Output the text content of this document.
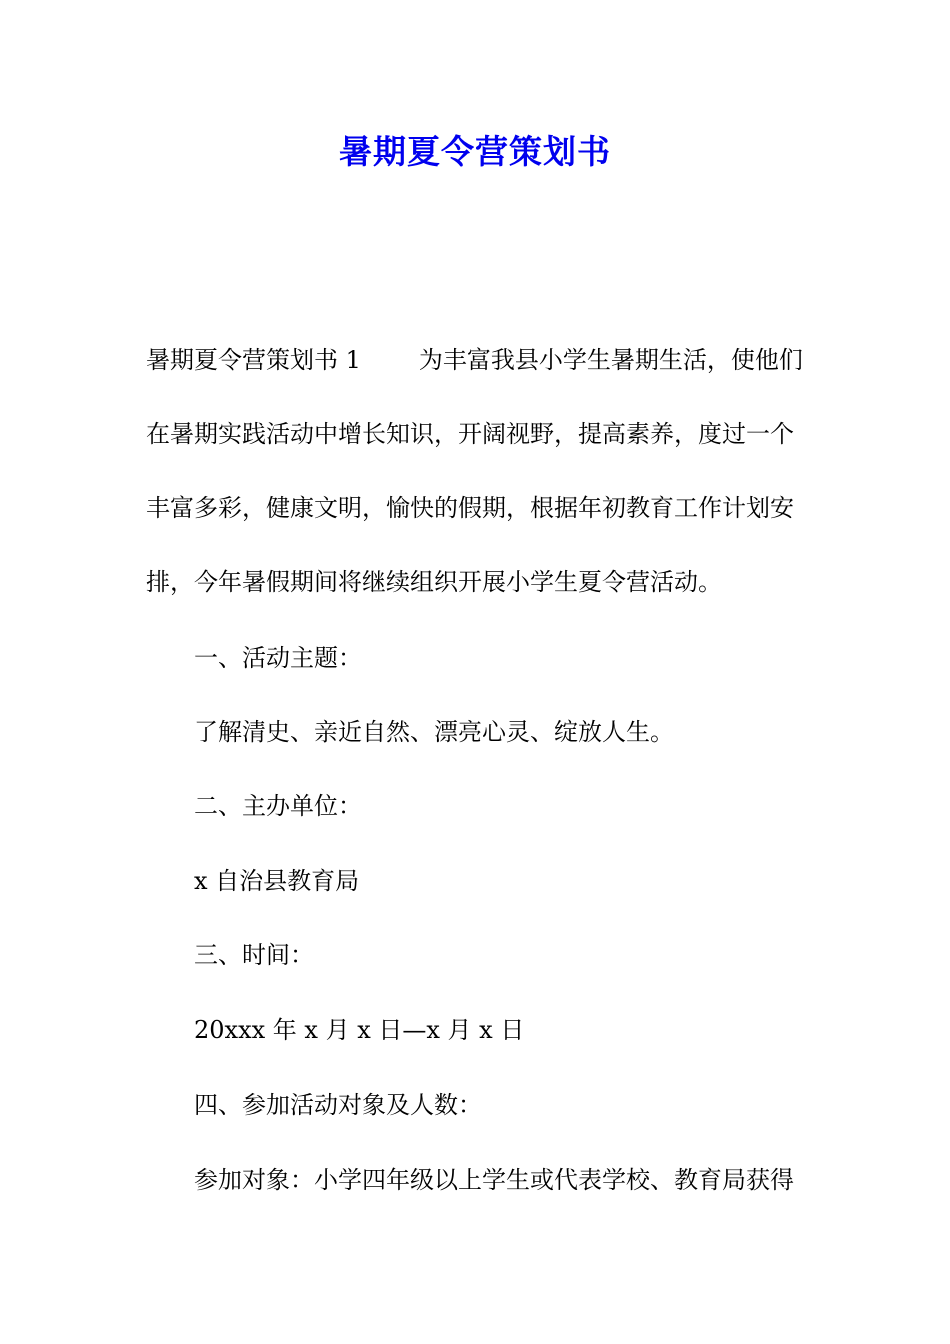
暑期夏令营策划书
暑期夏令营策划书 1 为丰富我县小学生暑期生活，使他们
在暑期实践活动中增长知识，开阔视野，提高素养，度过一个
丰富多彩，健康文明，愉快的假期，根据年初教育工作计划安
排，今年暑假期间将继续组织开展小学生夏令营活动。
一、活动主题：
了解清史、亲近自然、漂亮心灵、绽放人生。
二、主办单位：
x 自治县教育局
三、时间：
20xxx 年 x 月 x 日—x 月 x 日
四、参加活动对象及人数：
参加对象：小学四年级以上学生或代表学校、教育局获得
